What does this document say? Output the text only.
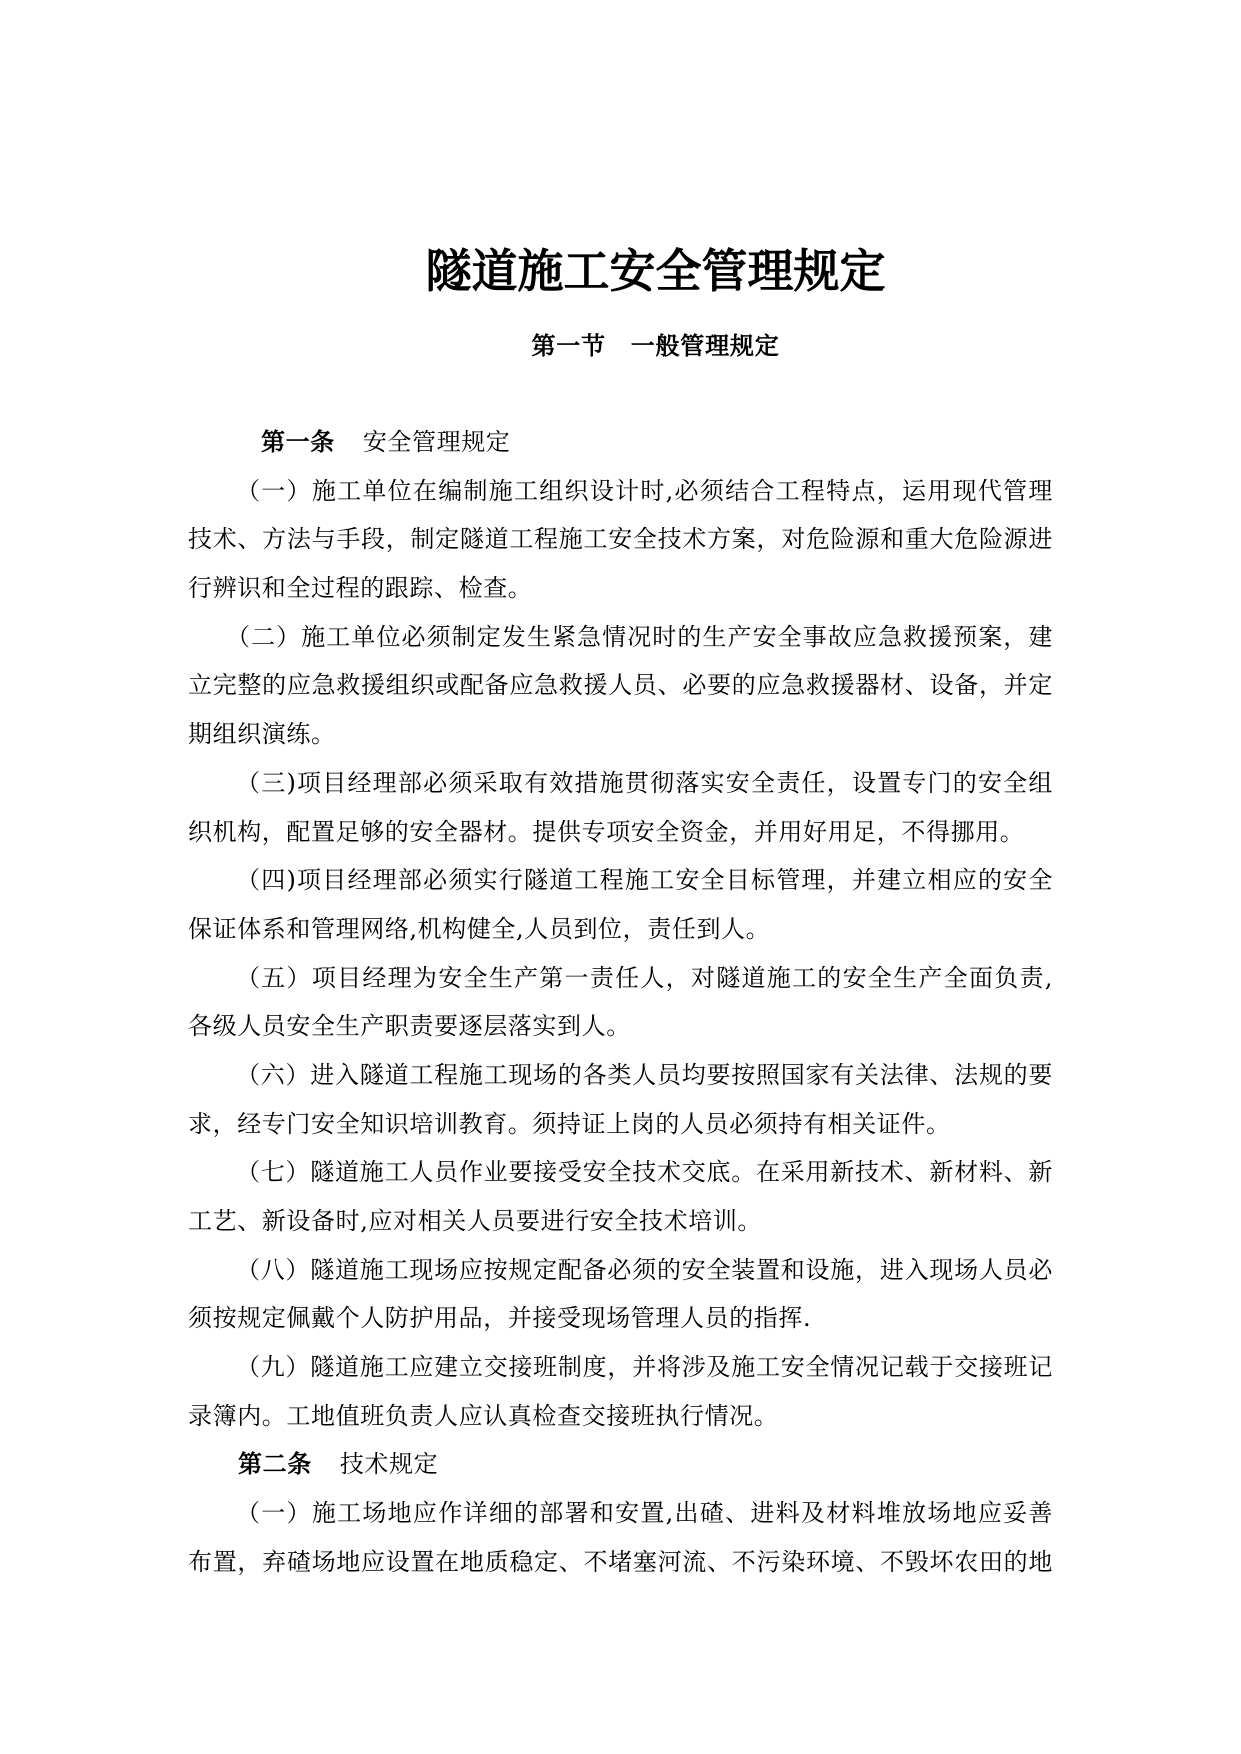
隧道施工安全管理规定
第一节　一般管理规定
第一条 安全管理规定
（一）施工单位在编制施工组织设计时,必须结合工程特点，运用现代管理
技术、方法与手段，制定隧道工程施工安全技术方案，对危险源和重大危险源进
行辨识和全过程的跟踪、检查。
（二）施工单位必须制定发生紧急情况时的生产安全事故应急救援预案，建
立完整的应急救援组织或配备应急救援人员、必要的应急救援器材、设备，并定
期组织演练。
（三)项目经理部必须采取有效措施贯彻落实安全责任，设置专门的安全组
织机构，配置足够的安全器材。提供专项安全资金，并用好用足，不得挪用。
（四)项目经理部必须实行隧道工程施工安全目标管理，并建立相应的安全
保证体系和管理网络,机构健全,人员到位，责任到人。
（五）项目经理为安全生产第一责任人，对隧道施工的安全生产全面负责,
各级人员安全生产职责要逐层落实到人。
（六）进入隧道工程施工现场的各类人员均要按照国家有关法律、法规的要
求，经专门安全知识培训教育。须持证上岗的人员必须持有相关证件。
（七）隧道施工人员作业要接受安全技术交底。在采用新技术、新材料、新
工艺、新设备时,应对相关人员要进行安全技术培训。
（八）隧道施工现场应按规定配备必须的安全装置和设施，进入现场人员必
须按规定佩戴个人防护用品，并接受现场管理人员的指挥.
（九）隧道施工应建立交接班制度，并将涉及施工安全情况记载于交接班记
录簿内。工地值班负责人应认真检查交接班执行情况。
第二条 技术规定
（一）施工场地应作详细的部署和安置,出碴、进料及材料堆放场地应妥善
布置，弃碴场地应设置在地质稳定、不堵塞河流、不污染环境、不毁坏农田的地
